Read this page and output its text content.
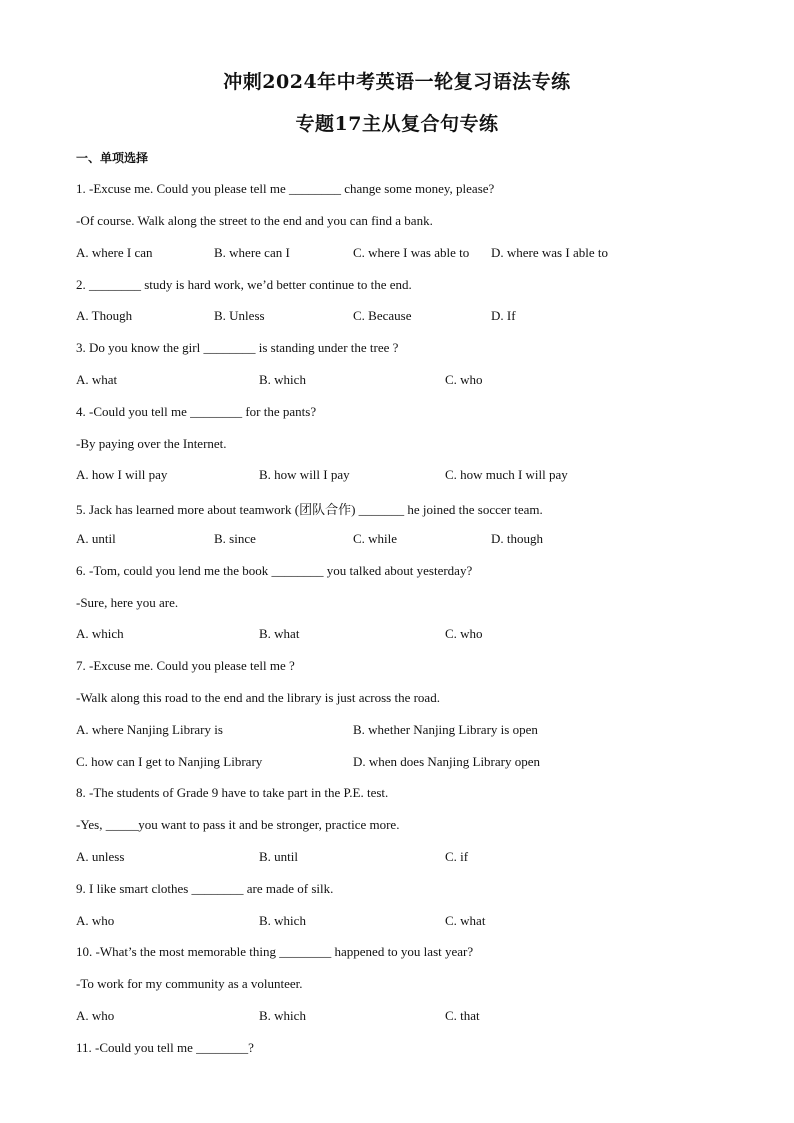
冲刺2024年中考英语一轮复习语法专练
专题17主从复合句专练
一、单项选择
1. -Excuse me. Could you please tell me ________ change some money, please?
-Of course. Walk along the street to the end and you can find a bank.
A. where I can	B. where can I	C. where I was able to D. where was I able to
2. ________ study is hard work, we’d better continue to the end.
A. Though	B. Unless	C. Because	D. If
3. Do you know the girl ________ is standing under the tree ?
A. what	B. which	C. who
4. -Could you tell me ________ for the pants?
-By paying over the Internet.
A. how I will pay	B. how will I pay	C. how much I will pay
5. Jack has learned more about teamwork (团队合作) _______ he joined the soccer team.
A. until	B. since	C. while	D. though
6. -Tom, could you lend me the book ________ you talked about yesterday?
-Sure, here you are.
A. which	B. what	C. who
7. -Excuse me. Could you please tell me ?
-Walk along this road to the end and the library is just across the road.
A. where Nanjing Library is	B. whether Nanjing Library is open
C. how can I get to Nanjing Library	D. when does Nanjing Library open
8. -The students of Grade 9 have to take part in the P.E. test.
-Yes, _____you want to pass it and be stronger, practice more.
A. unless	B. until	C. if
9. I like smart clothes ________ are made of silk.
A. who	B. which	C. what
10. -What’s the most memorable thing ________ happened to you last year?
-To work for my community as a volunteer.
A. who	B. which	C. that
11. -Could you tell me ________?
